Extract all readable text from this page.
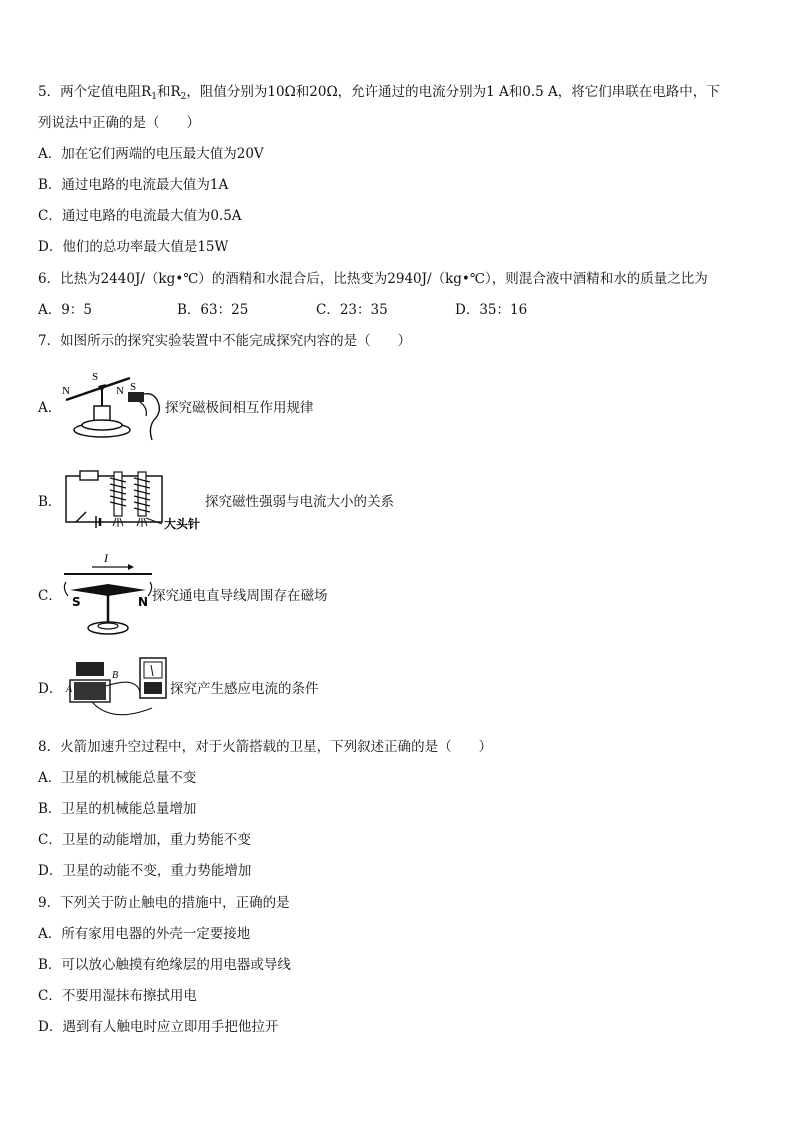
5．两个定值电阻$R_1$和$R_2$，阻值分别为10Ω和20Ω，允许通过的电流分别为1 A和0.5 A，将它们串联在电路中，下
列说法中正确的是（　　）
A．加在它们两端的电压最大值为20V
B．通过电路的电流最大值为1A
C．通过电路的电流最大值为0.5A
D．他们的总功率最大值是15W
6．比热为2440J/（kg•℃）的酒精和水混合后，比热变为2940J/（kg•℃），则混合液中酒精和水的质量之比为
A．9：5	B．63：25	C．23：35	D．35：16
7．如图所示的探究实验装置中不能完成探究内容的是（　　）
A．
N
S
N S
探究磁极间相互作用规律
B．
大头针
探究磁性强弱与电流大小的关系
C．
I
S	N 探究通电直导线周围存在磁场
D． A
B
探究产生感应电流的条件
8．火箭加速升空过程中，对于火箭搭载的卫星，下列叙述正确的是（　　）
A．卫星的机械能总量不变
B．卫星的机械能总量增加
C．卫星的动能增加，重力势能不变
D．卫星的动能不变，重力势能增加
9．下列关于防止触电的措施中，正确的是
A．所有家用电器的外壳一定要接地
B．可以放心触摸有绝缘层的用电器或导线
C．不要用湿抹布擦拭用电
D．遇到有人触电时应立即用手把他拉开
